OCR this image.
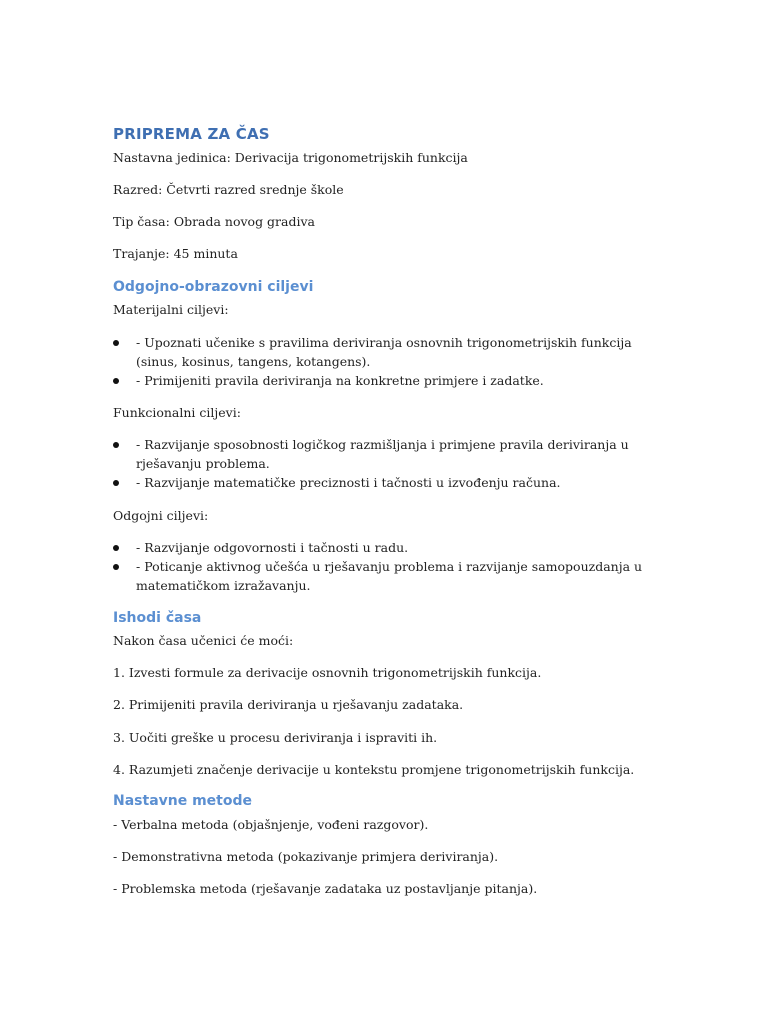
PRIPREMA ZA ČAS
Nastavna jedinica: Derivacija trigonometrijskih funkcija
Razred: Četvrti razred srednje škole
Tip časa: Obrada novog gradiva
Trajanje: 45 minuta
Odgojno-obrazovni ciljevi
Materijalni ciljevi:
- Upoznati učenike s pravilima deriviranja osnovnih trigonometrijskih funkcija (sinus, kosinus, tangens, kotangens).
- Primijeniti pravila deriviranja na konkretne primjere i zadatke.
Funkcionalni ciljevi:
- Razvijanje sposobnosti logičkog razmišljanja i primjene pravila deriviranja u rješavanju problema.
- Razvijanje matematičke preciznosti i tačnosti u izvođenju računa.
Odgojni ciljevi:
- Razvijanje odgovornosti i tačnosti u radu.
- Poticanje aktivnog učešća u rješavanju problema i razvijanje samopouzdanja u matematičkom izražavanju.
Ishodi časa
Nakon časa učenici će moći:
1. Izvesti formule za derivacije osnovnih trigonometrijskih funkcija.
2. Primijeniti pravila deriviranja u rješavanju zadataka.
3. Uočiti greške u procesu deriviranja i ispraviti ih.
4. Razumjeti značenje derivacije u kontekstu promjene trigonometrijskih funkcija.
Nastavne metode
- Verbalna metoda (objašnjenje, vođeni razgovor).
- Demonstrativna metoda (pokazivanje primjera deriviranja).
- Problemska metoda (rješavanje zadataka uz postavljanje pitanja).
